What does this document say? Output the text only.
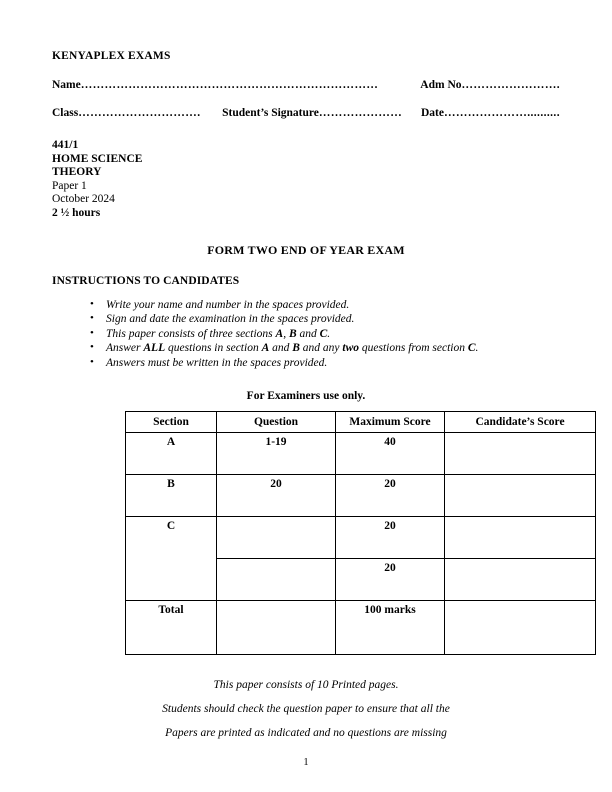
KENYAPLEX EXAMS
Name …………………………………………………………………	Adm No …………………….
Class …………………………. Student’s Signature ………………… Date …………………..........
441/1
HOME SCIENCE
THEORY
Paper 1
October 2024
2 ½ hours
FORM TWO END OF YEAR EXAM
INSTRUCTIONS TO CANDIDATES
• Write your name and number in the spaces provided.
• Sign and date the examination in the spaces provided.
• This paper consists of three sections A, B and C.
• Answer ALL questions in section A and B and any two questions from section C.
• Answers must be written in the spaces provided.
For Examiners use only.
Section	Question	Maximum Score	Candidate’s Score
A	1-19	40	
B	20	20	
C		20	
		20	
Total		100 marks	
This paper consists of 10 Printed pages.
Students should check the question paper to ensure that all the
Papers are printed as indicated and no questions are missing
1
